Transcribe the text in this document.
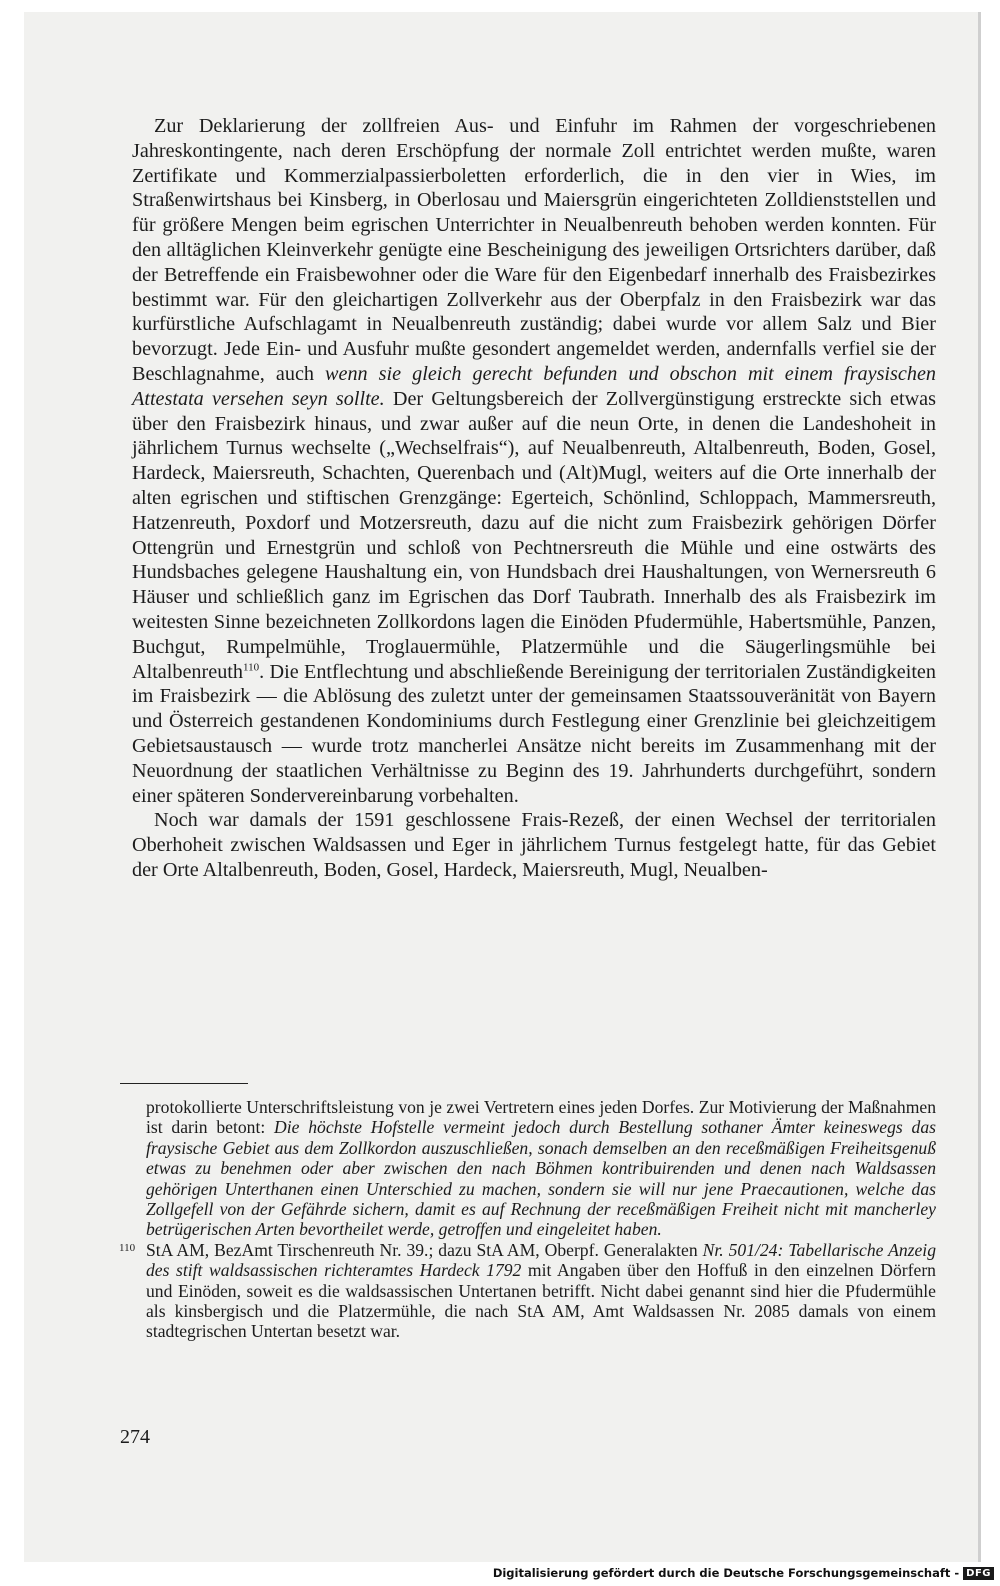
Zur Deklarierung der zollfreien Aus- und Einfuhr im Rahmen der vorgeschriebenen Jahreskontingente, nach deren Erschöpfung der normale Zoll entrichtet werden mußte, waren Zertifikate und Kommerzialpassierboletten erforderlich, die in den vier in Wies, im Straßenwirtshaus bei Kinsberg, in Oberlosau und Maiersgrün eingerichteten Zolldienststellen und für größere Mengen beim egrischen Unterrichter in Neualbenreuth behoben werden konnten. Für den alltäglichen Kleinverkehr genügte eine Bescheinigung des jeweiligen Ortsrichters darüber, daß der Betreffende ein Fraisbewohner oder die Ware für den Eigenbedarf innerhalb des Fraisbezirkes bestimmt war. Für den gleichartigen Zollverkehr aus der Oberpfalz in den Fraisbezirk war das kurfürstliche Aufschlagamt in Neualbenreuth zuständig; dabei wurde vor allem Salz und Bier bevorzugt. Jede Ein- und Ausfuhr mußte gesondert angemeldet werden, andernfalls verfiel sie der Beschlagnahme, auch wenn sie gleich gerecht befunden und obschon mit einem fraysischen Attestata versehen seyn sollte. Der Geltungsbereich der Zollvergünstigung erstreckte sich etwas über den Fraisbezirk hinaus, und zwar außer auf die neun Orte, in denen die Landeshoheit in jährlichem Turnus wechselte („Wechselfrais“), auf Neualbenreuth, Altalbenreuth, Boden, Gosel, Hardeck, Maiersreuth, Schachten, Querenbach und (Alt)Mugl, weiters auf die Orte innerhalb der alten egrischen und stiftischen Grenzgänge: Egerteich, Schönlind, Schloppach, Mammersreuth, Hatzenreuth, Poxdorf und Motzersreuth, dazu auf die nicht zum Fraisbezirk gehörigen Dörfer Ottengrün und Ernestgrün und schloß von Pechtnersreuth die Mühle und eine ostwärts des Hundsbaches gelegene Haushaltung ein, von Hundsbach drei Haushaltungen, von Wernersreuth 6 Häuser und schließlich ganz im Egrischen das Dorf Taubrath. Innerhalb des als Fraisbezirk im weitesten Sinne bezeichneten Zollkordons lagen die Einöden Pfudermühle, Habertsmühle, Panzen, Buchgut, Rumpelmühle, Troglauermühle, Platzermühle und die Säugerlingsmühle bei Altalbenreuth$^{110}$. Die Entflechtung und abschließende Bereinigung der territorialen Zuständigkeiten im Fraisbezirk — die Ablösung des zuletzt unter der gemeinsamen Staatssouveränität von Bayern und Österreich gestandenen Kondominiums durch Festlegung einer Grenzlinie bei gleichzeitigem Gebietsaustausch — wurde trotz mancherlei Ansätze nicht bereits im Zusammenhang mit der Neuordnung der staatlichen Verhältnisse zu Beginn des 19. Jahrhunderts durchgeführt, sondern einer späteren Sondervereinbarung vorbehalten.

Noch war damals der 1591 geschlossene Frais-Rezeß, der einen Wechsel der territorialen Oberhoheit zwischen Waldsassen und Eger in jährlichem Turnus festgelegt hatte, für das Gebiet der Orte Altalbenreuth, Boden, Gosel, Hardeck, Maiersreuth, Mugl, Neualben-

protokollierte Unterschriftsleistung von je zwei Vertretern eines jeden Dorfes. Zur Motivierung der Maßnahmen ist darin betont: Die höchste Hofstelle vermeint jedoch durch Bestellung sothaner Ämter keineswegs das fraysische Gebiet aus dem Zollkordon auszuschließen, sonach demselben an den receßmäßigen Freiheitsgenuß etwas zu benehmen oder aber zwischen den nach Böhmen kontribuirenden und denen nach Waldsassen gehörigen Unterthanen einen Unterschied zu machen, sondern sie will nur jene Praecautionen, welche das Zollgefell von der Gefährde sichern, damit es auf Rechnung der receßmäßigen Freiheit nicht mit mancherley betrügerischen Arten bevortheilet werde, getroffen und eingeleitet haben.

110 StA AM, BezAmt Tirschenreuth Nr. 39.; dazu StA AM, Oberpf. Generalakten Nr. 501/24: Tabellarische Anzeig des stift waldsassischen richteramtes Hardeck 1792 mit Angaben über den Hoffuß in den einzelnen Dörfern und Einöden, soweit es die waldsassischen Untertanen betrifft. Nicht dabei genannt sind hier die Pfudermühle als kinsbergisch und die Platzermühle, die nach StA AM, Amt Waldsassen Nr. 2085 damals von einem stadtegrischen Untertan besetzt war.

274
Digitalisierung gefördert durch die Deutsche Forschungsgemeinschaft - DFG
